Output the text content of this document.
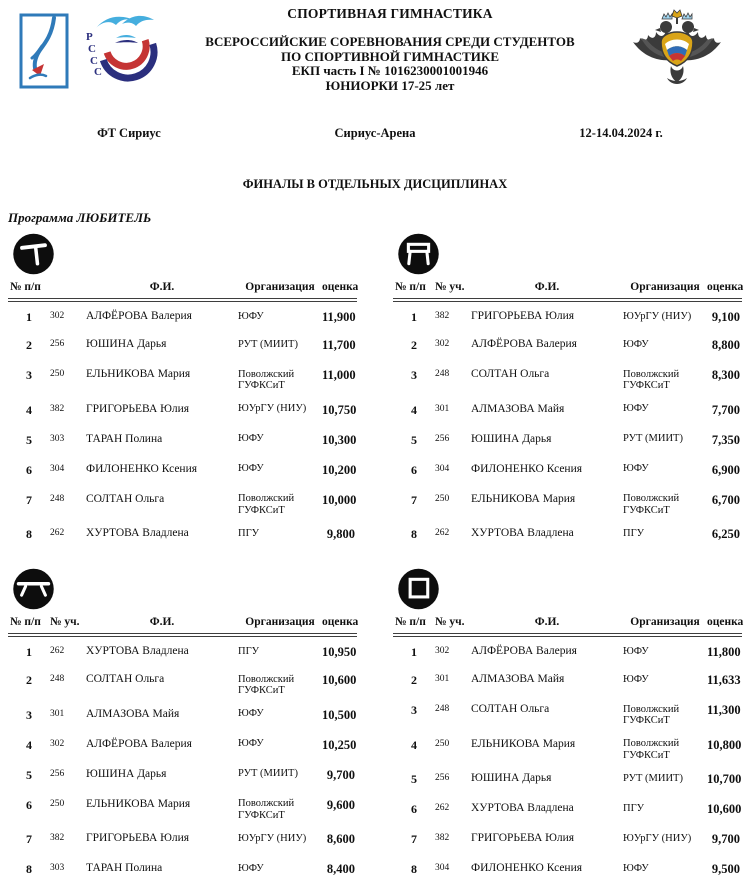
Р
С
С
С
СПОРТИВНАЯ ГИМНАСТИКА
ВСЕРОССИЙСКИЕ СОРЕВНОВАНИЯ СРЕДИ СТУДЕНТОВ
ПО СПОРТИВНОЙ ГИМНАСТИКЕ
ЕКП часть I № 1016230001001946
ЮНИОРКИ 17-25 лет
ФТ Сириус	Сириус-Арена	12-14.04.2024 г.
ФИНАЛЫ В ОТДЕЛЬНЫХ ДИСЦИПЛИНАХ
Программа ЛЮБИТЕЛЬ
№ п/п		Ф.И.	Организация	оценка
1	302	АЛФЁРОВА Валерия	ЮФУ	11,900
2	256	ЮШИНА Дарья	РУТ (МИИТ)	11,700
3	250	ЕЛЬНИКОВА Мария	Поволжский ГУФКСиТ	11,000
4	382	ГРИГОРЬЕВА Юлия	ЮУрГУ (НИУ)	10,750
5	303	ТАРАН Полина	ЮФУ	10,300
6	304	ФИЛОНЕНКО Ксения	ЮФУ	10,200
7	248	СОЛТАН Ольга	Поволжский ГУФКСиТ	10,000
8	262	ХУРТОВА Владлена	ПГУ	9,800
№ п/п	№ уч.	Ф.И.	Организация	оценка
1	382	ГРИГОРЬЕВА Юлия	ЮУрГУ (НИУ)	9,100
2	302	АЛФЁРОВА Валерия	ЮФУ	8,800
3	248	СОЛТАН Ольга	Поволжский ГУФКСиТ	8,300
4	301	АЛМАЗОВА Майя	ЮФУ	7,700
5	256	ЮШИНА Дарья	РУТ (МИИТ)	7,350
6	304	ФИЛОНЕНКО Ксения	ЮФУ	6,900
7	250	ЕЛЬНИКОВА Мария	Поволжский ГУФКСиТ	6,700
8	262	ХУРТОВА Владлена	ПГУ	6,250
№ п/п	№ уч.	Ф.И.	Организация	оценка
1	262	ХУРТОВА Владлена	ПГУ	10,950
2	248	СОЛТАН Ольга	Поволжский ГУФКСиТ	10,600
3	301	АЛМАЗОВА Майя	ЮФУ	10,500
4	302	АЛФЁРОВА Валерия	ЮФУ	10,250
5	256	ЮШИНА Дарья	РУТ (МИИТ)	9,700
6	250	ЕЛЬНИКОВА Мария	Поволжский ГУФКСиТ	9,600
7	382	ГРИГОРЬЕВА Юлия	ЮУрГУ (НИУ)	8,600
8	303	ТАРАН Полина	ЮФУ	8,400
№ п/п	№ уч.	Ф.И.	Организация	оценка
1	302	АЛФЁРОВА Валерия	ЮФУ	11,800
2	301	АЛМАЗОВА Майя	ЮФУ	11,633
3	248	СОЛТАН Ольга	Поволжский ГУФКСиТ	11,300
4	250	ЕЛЬНИКОВА Мария	Поволжский ГУФКСиТ	10,800
5	256	ЮШИНА Дарья	РУТ (МИИТ)	10,700
6	262	ХУРТОВА Владлена	ПГУ	10,600
7	382	ГРИГОРЬЕВА Юлия	ЮУрГУ (НИУ)	9,700
8	304	ФИЛОНЕНКО Ксения	ЮФУ	9,500
